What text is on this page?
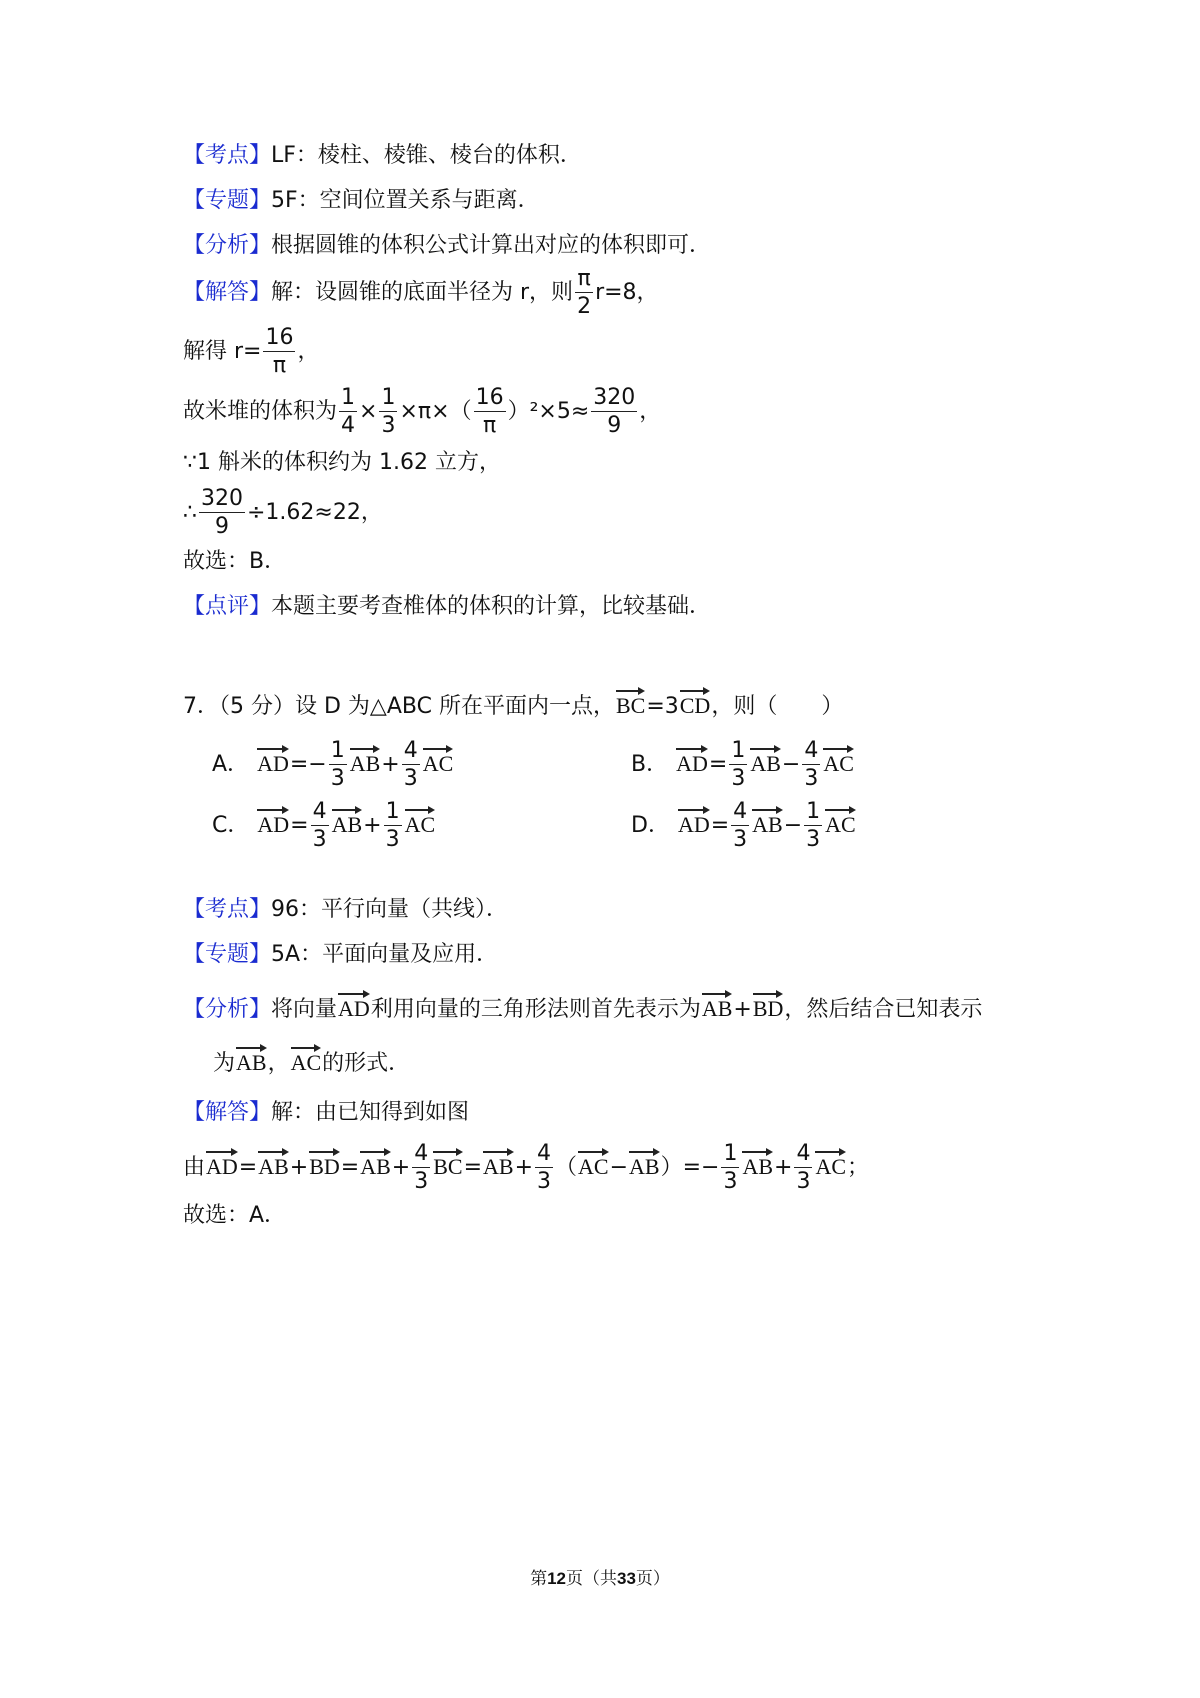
【考点】LF：棱柱、棱锥、棱台的体积．
【专题】5F：空间位置关系与距离．
【分析】根据圆锥的体积公式计算出对应的体积即可．
【解答】解：设圆锥的底面半径为 r，则 $\frac{\pi}{2} r=8$，
解得 $r= \frac{16}{\pi}$ ，
故米堆的体积为 $\frac{1}{4} \times \frac{1}{3} \times\pi\times( \frac{16}{\pi} )^2\times 5\approx \frac{320}{9}$ ，
∵1 斛米的体积约为 1.62 立方，
∴ $\frac{320}{9} \div 1.62\approx 22$，
故选：B．
【点评】本题主要考查椎体的体积的计算，比较基础．
7．（5 分）设 D 为△ABC 所在平面内一点，BC=3CD，则（　　）
A． $AD=- \frac{1}{3} AB+ \frac{4}{3}$ AC	B． $AD= \frac{1}{3} AB- \frac{4}{3}$ AC
C． $AD= \frac{4}{3} AB+ \frac{1}{3}$ AC	D． $AD= \frac{4}{3} AB- \frac{1}{3}$ AC
【考点】96：平行向量（共线）．
【专题】5A：平面向量及应用．
【分析】将向量AD利用向量的三角形法则首先表示为AB+BD，然后结合已知表示
为AB，AC的形式．
【解答】解：由已知得到如图
由$AD=AB+BD=AB+ \frac{4}{3} BC=AB+ \frac{4}{3} (AC-AB)=- \frac{1}{3} AB+ \frac{4}{3}$ AC；
故选：A．
第12页（共33页）
